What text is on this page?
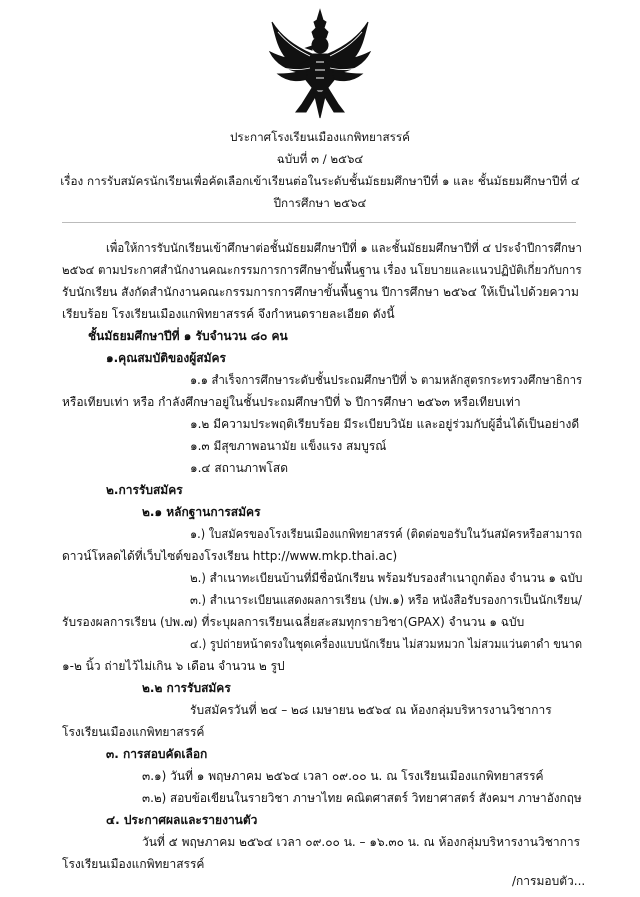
ประกาศโรงเรียนเมืองแกพิทยาสรรค์
ฉบับที่ ๓ / ๒๕๖๔
เรื่อง การรับสมัครนักเรียนเพื่อคัดเลือกเข้าเรียนต่อในระดับชั้นมัธยมศึกษาปีที่ ๑ และ ชั้นมัธยมศึกษาปีที่ ๔
ปีการศึกษา ๒๕๖๔
เพื่อให้การรับนักเรียนเข้าศึกษาต่อชั้นมัธยมศึกษาปีที่ ๑ และชั้นมัธยมศึกษาปีที่ ๔ ประจำปีการศึกษา
๒๕๖๔ ตามประกาศสำนักงานคณะกรรมการการศึกษาขั้นพื้นฐาน เรื่อง นโยบายและแนวปฏิบัติเกี่ยวกับการ
รับนักเรียน สังกัดสำนักงานคณะกรรมการการศึกษาขั้นพื้นฐาน ปีการศึกษา ๒๕๖๔ ให้เป็นไปด้วยความ
เรียบร้อย โรงเรียนเมืองแกพิทยาสรรค์ จึงกำหนดรายละเอียด ดังนี้
ชั้นมัธยมศึกษาปีที่ ๑ รับจำนวน ๘๐ คน
๑.คุณสมบัติของผู้สมัคร
๑.๑ สำเร็จการศึกษาระดับชั้นประถมศึกษาปีที่ ๖ ตามหลักสูตรกระทรวงศึกษาธิการ
หรือเทียบเท่า หรือ กำลังศึกษาอยู่ในชั้นประถมศึกษาปีที่ ๖ ปีการศึกษา ๒๕๖๓ หรือเทียบเท่า
๑.๒ มีความประพฤติเรียบร้อย มีระเบียบวินัย และอยู่ร่วมกับผู้อื่นได้เป็นอย่างดี
๑.๓ มีสุขภาพอนามัย แข็งแรง สมบูรณ์
๑.๔ สถานภาพโสด
๒.การรับสมัคร
๒.๑ หลักฐานการสมัคร
๑.) ใบสมัครของโรงเรียนเมืองแกพิทยาสรรค์ (ติดต่อขอรับในวันสมัครหรือสามารถ
ดาวน์โหลดได้ที่เว็บไซต์ของโรงเรียน http://www.mkp.thai.ac)
๒.) สำเนาทะเบียนบ้านที่มีชื่อนักเรียน พร้อมรับรองสำเนาถูกต้อง จำนวน ๑ ฉบับ
๓.) สำเนาระเบียนแสดงผลการเรียน (ปพ.๑) หรือ หนังสือรับรองการเป็นนักเรียน/
รับรองผลการเรียน (ปพ.๗) ที่ระบุผลการเรียนเฉลี่ยสะสมทุกรายวิชา(GPAX) จำนวน ๑ ฉบับ
๔.) รูปถ่ายหน้าตรงในชุดเครื่องแบบนักเรียน ไม่สวมหมวก ไม่สวมแว่นตาดำ ขนาด
๑-๒ นิ้ว ถ่ายไว้ไม่เกิน ๖ เดือน จำนวน ๒ รูป
๒.๒ การรับสมัคร
รับสมัครวันที่ ๒๔ – ๒๘ เมษายน ๒๕๖๔ ณ ห้องกลุ่มบริหารงานวิชาการ
โรงเรียนเมืองแกพิทยาสรรค์
๓. การสอบคัดเลือก
๓.๑) วันที่ ๑ พฤษภาคม ๒๕๖๔ เวลา ๐๙.๐๐ น. ณ โรงเรียนเมืองแกพิทยาสรรค์
๓.๒) สอบข้อเขียนในรายวิชา ภาษาไทย คณิตศาสตร์ วิทยาศาสตร์ สังคมฯ ภาษาอังกฤษ
๔. ประกาศผลและรายงานตัว
วันที่ ๕ พฤษภาคม ๒๕๖๔ เวลา ๐๙.๐๐ น. – ๑๖.๓๐ น. ณ ห้องกลุ่มบริหารงานวิชาการ
โรงเรียนเมืองแกพิทยาสรรค์
/การมอบตัว...
